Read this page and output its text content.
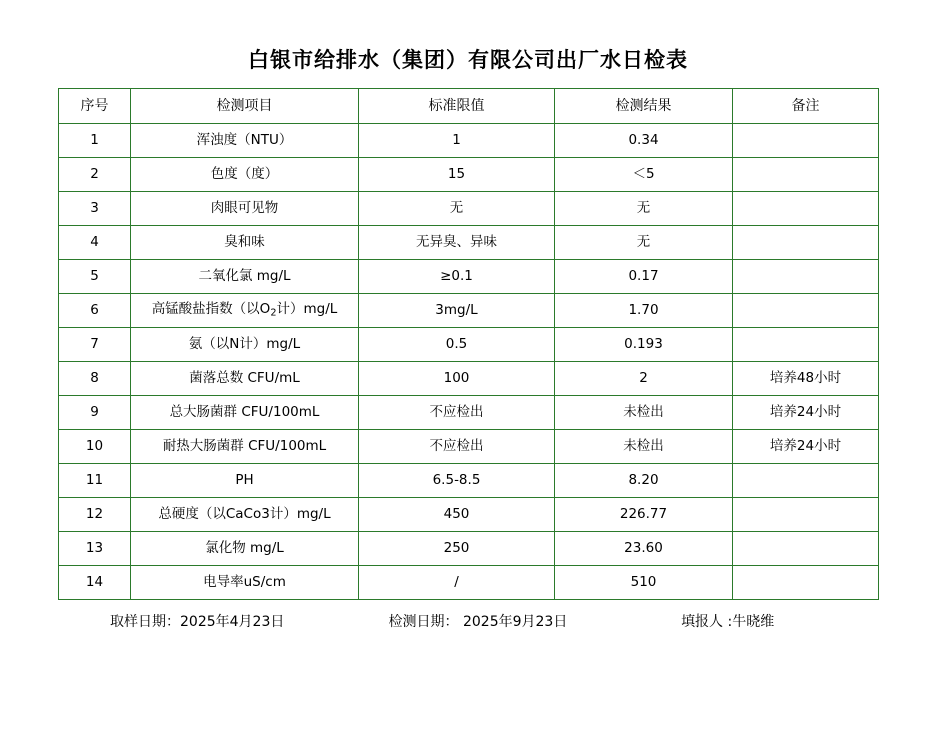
白银市给排水（集团）有限公司出厂水日检表
序号	检测项目	标准限值	检测结果	备注
1	浑浊度（NTU）	1	0.34	
2	色度（度）	15	＜5	
3	肉眼可见物	无	无	
4	臭和味	无异臭、异味	无	
5	二氧化氯 mg/L	≥0.1	0.17	
6	高锰酸盐指数（以$O_2$计）mg/L	3mg/L	1.70	
7	氨（以N计）mg/L	0.5	0.193	
8	菌落总数 CFU/mL	100	2	培养48小时
9	总大肠菌群 CFU/100mL	不应检出	未检出	培养24小时
10	耐热大肠菌群 CFU/100mL	不应检出	未检出	培养24小时
11	PH	6.5-8.5	8.20	
12	总硬度（以CaCo3计）mg/L	450	226.77	
13	氯化物 mg/L	250	23.60	
14	电导率uS/cm	/	510	
取样日期：2025年4月23日	检测日期： 2025年9月23日	填报人 :牛晓维
